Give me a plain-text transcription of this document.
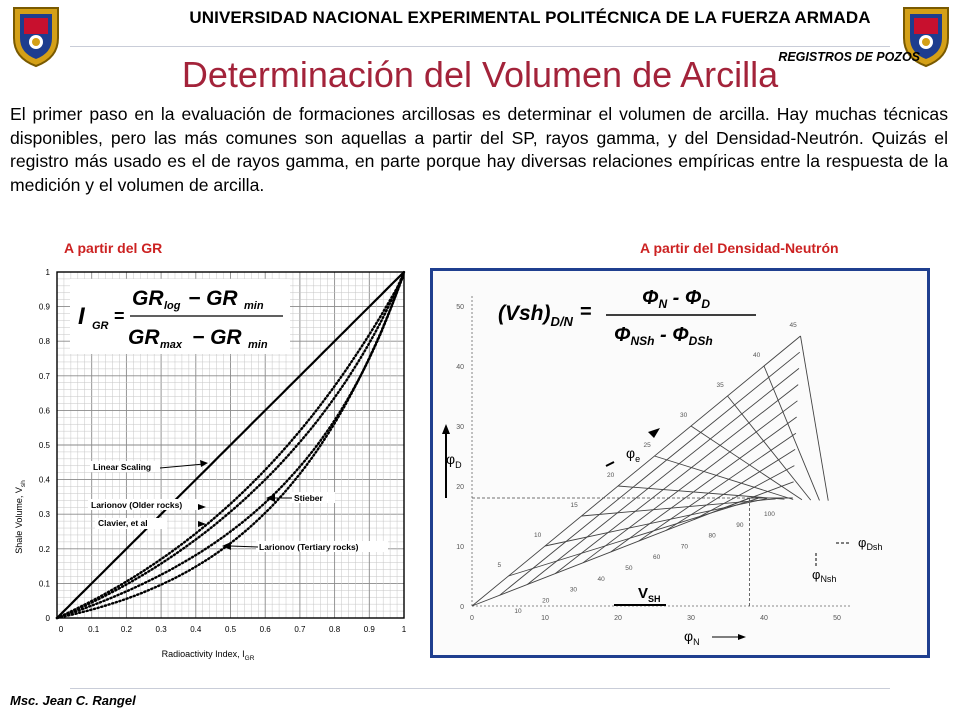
UNIVERSIDAD NACIONAL EXPERIMENTAL POLITÉCNICA DE LA FUERZA ARMADA
REGISTROS DE POZOS
Determinación del Volumen de Arcilla
El primer paso en la evaluación de formaciones arcillosas es determinar el volumen de arcilla. Hay muchas técnicas disponibles, pero las más comunes son aquellas a partir del SP, rayos gamma, y del Densidad-Neutrón. Quizás el registro más usado es el de rayos gamma, en parte porque hay diversas relaciones empíricas entre la respuesta de la medición y el volumen de arcilla.
A partir del GR	A partir del Densidad-Neutrón
0
0.1
0.2
0.3
0.4
0.5
0.6
0.7
0.8
0.9
1
0	0.1	0.2	0.3	0.4	0.5	0.6	0.7	0.8	0.9	1
Shale Volume, $V_{sh}$
Radioactivity Index, $I_{GR}$
I GR =
GR log − GR min
GR max − GR min
Linear Scaling
Larionov (Older rocks)
Clavier, et al
Stieber
Larionov (Tertiary rocks)
0
10
20
30
40
50
0	10	20	30	40	50
5
10
15
20
25
30
35
40
45
10
20
30
40
50
60
70
80
90
100
$(Vsh)_{D/N}$ =
$\Phi_N - \Phi_D$
$\Phi_{NSh} - \Phi_{DSh}$
$\varphi_D$
$\varphi_e$
$\varphi_N$
$V_{SH}$
$\varphi_{Dsh}$
$\varphi_{Nsh}$
Msc. Jean C. Rangel
